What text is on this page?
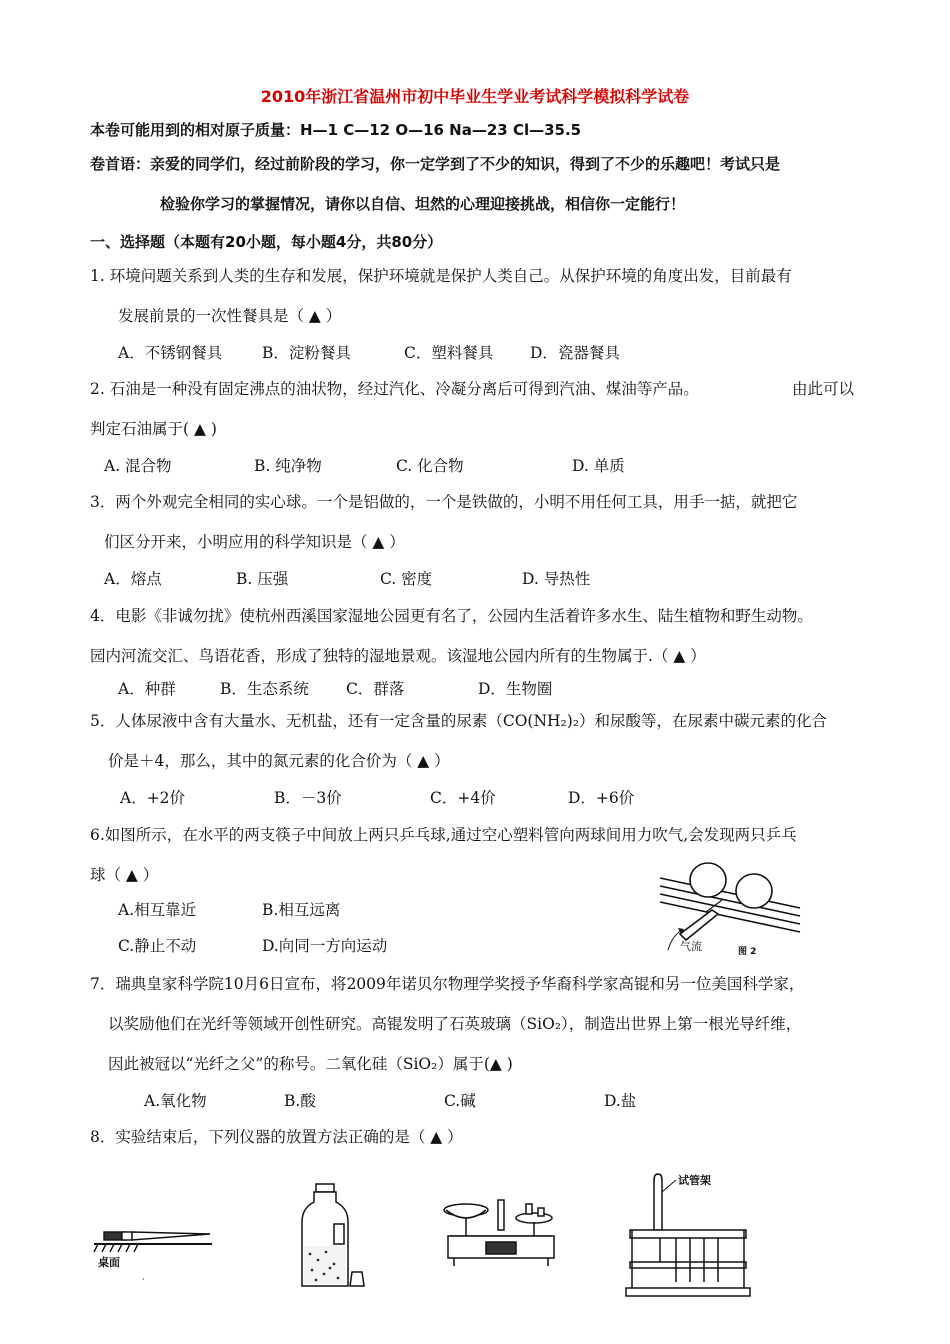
2010年浙江省温州市初中毕业生学业考试科学模拟科学试卷
本卷可能用到的相对原子质量：H—1 C—12 O—16 Na—23 Cl—35.5
卷首语：亲爱的同学们，经过前阶段的学习，你一定学到了不少的知识，得到了不少的乐趣吧！考试只是
检验你学习的掌握情况，请你以自信、坦然的心理迎接挑战，相信你一定能行！
一、选择题（本题有20小题，每小题4分，共80分）
1. 环境问题关系到人类的生存和发展，保护环境就是保护人类自己。从保护环境的角度出发，目前最有
发展前景的一次性餐具是（ ▲ ）
A．不锈钢餐具	B．淀粉餐具	C．塑料餐具 D．瓷器餐具
2. 石油是一种没有固定沸点的油状物，经过汽化、冷凝分离后可得到汽油、煤油等产品。	由此可以
判定石油属于( ▲ )
A. 混合物	B. 纯净物	C. 化合物	D. 单质
3．两个外观完全相同的实心球。一个是铝做的，一个是铁做的，小明不用任何工具，用手一掂，就把它
们区分开来，小明应用的科学知识是（ ▲ ）
A．熔点	B. 压强	C. 密度	D. 导热性
4．电影《非诚勿扰》使杭州西溪国家湿地公园更有名了，公园内生活着许多水生、陆生植物和野生动物。
园内河流交汇、鸟语花香，形成了独特的湿地景观。该湿地公园内所有的生物属于.（ ▲ ）
A．种群	B．生态系统 C．群落	D．生物圈
5．人体尿液中含有大量水、无机盐，还有一定含量的尿素（CO(NH₂)₂）和尿酸等，在尿素中碳元素的化合
价是＋4，那么，其中的氮元素的化合价为（ ▲ ）
A．+2价	B．－3价	C．+4价	D．+6价
6.如图所示，在水平的两支筷子中间放上两只乒乓球,通过空心塑料管向两球间用力吹气,会发现两只乒乓
球（ ▲ ）
A.相互靠近	B.相互远离
C.静止不动	D.向同一方向运动	气流	图 2
7．瑞典皇家科学院10月6日宣布，将2009年诺贝尔物理学奖授予华裔科学家高锟和另一位美国科学家，
以奖励他们在光纤等领域开创性研究。高锟发明了石英玻璃（SiO₂），制造出世界上第一根光导纤维，
因此被冠以“光纤之父”的称号。二氧化硅（SiO₂）属于(▲ )
A.氧化物	B.酸	C.碱	D.盐
8．实验结束后，下列仪器的放置方法正确的是（ ▲ ）
桌面
·
试管架
